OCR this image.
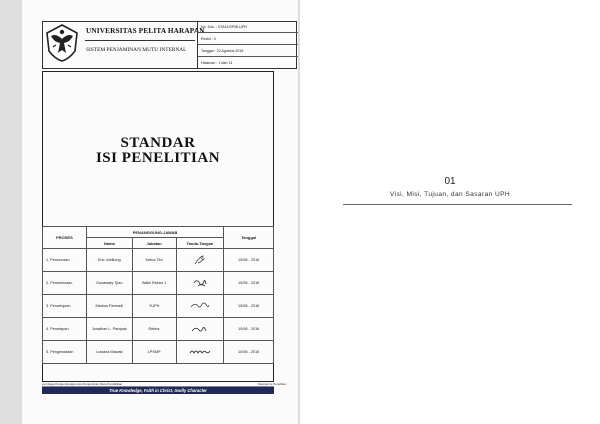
UNIVERSITAS PELITA HARAPAN
SISTEM PENJAMINAN MUTU INTERNAL
No. Dok. : STA11/SPMI-UPH
Revisi : 0
Tanggal : 22 Agustus 2016
Halaman : 1 dari 14
STANDAR
ISI PENELITIAN
PROSES	PENANGGUNG-JAWAB			Tanggal
	Nama	Jabatan	Tanda-Tangan	
1. Perumusan	Eric Jobiliong	Ketua Tim		10/08 - 2016
2. Pemeriksaan	Gunawaty Tjiao	Wakil Rektor 1		10/08 - 2016
3. Persetujuan	Markus Parmadi	YUPH		10/08 - 2016
4. Penetapan	Jonathan L. Parapak	Rektor		10/08 - 2016
5. Pengendalian	Lusiana Mawati	LPSMP		10/08 - 2016
Lembaga Pengembangan dan Penjaminan Mutu Pendidikan	Standar Isi Penelitian
True Knowledge, Faith in Christ, Godly Character
01
Visi, Misi, Tujuan, dan Sasaran UPH
